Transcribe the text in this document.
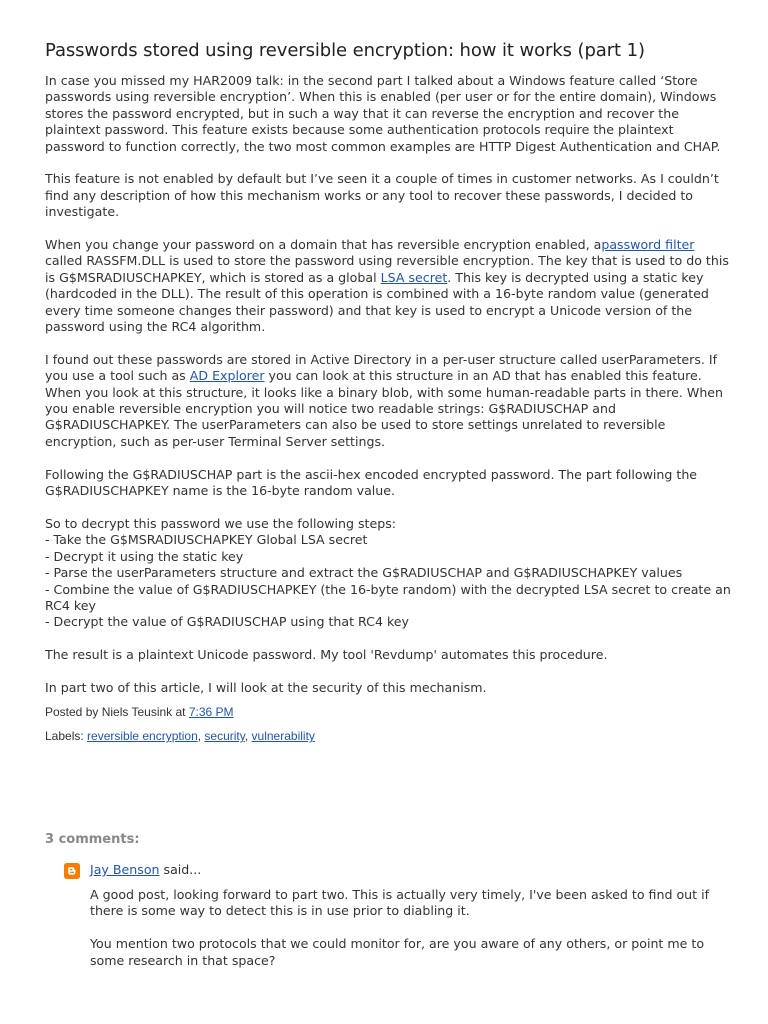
Passwords stored using reversible encryption: how it works (part 1)

In case you missed my HAR2009 talk: in the second part I talked about a Windows feature called ‘Store passwords using reversible encryption’. When this is enabled (per user or for the entire domain), Windows stores the password encrypted, but in such a way that it can reverse the encryption and recover the plaintext password. This feature exists because some authentication protocols require the plaintext password to function correctly, the two most common examples are HTTP Digest Authentication and CHAP.

This feature is not enabled by default but I’ve seen it a couple of times in customer networks. As I couldn’t find any description of how this mechanism works or any tool to recover these passwords, I decided to investigate.

When you change your password on a domain that has reversible encryption enabled, apassword filter called RASSFM.DLL is used to store the password using reversible encryption. The key that is used to do this is G$MSRADIUSCHAPKEY, which is stored as a global LSA secret. This key is decrypted using a static key (hardcoded in the DLL). The result of this operation is combined with a 16-byte random value (generated every time someone changes their password) and that key is used to encrypt a Unicode version of the password using the RC4 algorithm.

I found out these passwords are stored in Active Directory in a per-user structure called userParameters. If you use a tool such as AD Explorer you can look at this structure in an AD that has enabled this feature. When you look at this structure, it looks like a binary blob, with some human-readable parts in there. When you enable reversible encryption you will notice two readable strings: G$RADIUSCHAP and G$RADIUSCHAPKEY. The userParameters can also be used to store settings unrelated to reversible encryption, such as per-user Terminal Server settings.

Following the G$RADIUSCHAP part is the ascii-hex encoded encrypted password. The part following the G$RADIUSCHAPKEY name is the 16-byte random value.

So to decrypt this password we use the following steps:
- Take the G$MSRADIUSCHAPKEY Global LSA secret
- Decrypt it using the static key
- Parse the userParameters structure and extract the G$RADIUSCHAP and G$RADIUSCHAPKEY values
- Combine the value of G$RADIUSCHAPKEY (the 16-byte random) with the decrypted LSA secret to create an RC4 key
- Decrypt the value of G$RADIUSCHAP using that RC4 key

The result is a plaintext Unicode password. My tool 'Revdump' automates this procedure.

In part two of this article, I will look at the security of this mechanism.

Posted by Niels Teusink at 7:36 PM
Labels: reversible encryption, security, vulnerability
3 comments:
Jay Benson said...

A good post, looking forward to part two. This is actually very timely, I've been asked to find out if there is some way to detect this is in use prior to diabling it.

You mention two protocols that we could monitor for, are you aware of any others, or point me to some research in that space?
